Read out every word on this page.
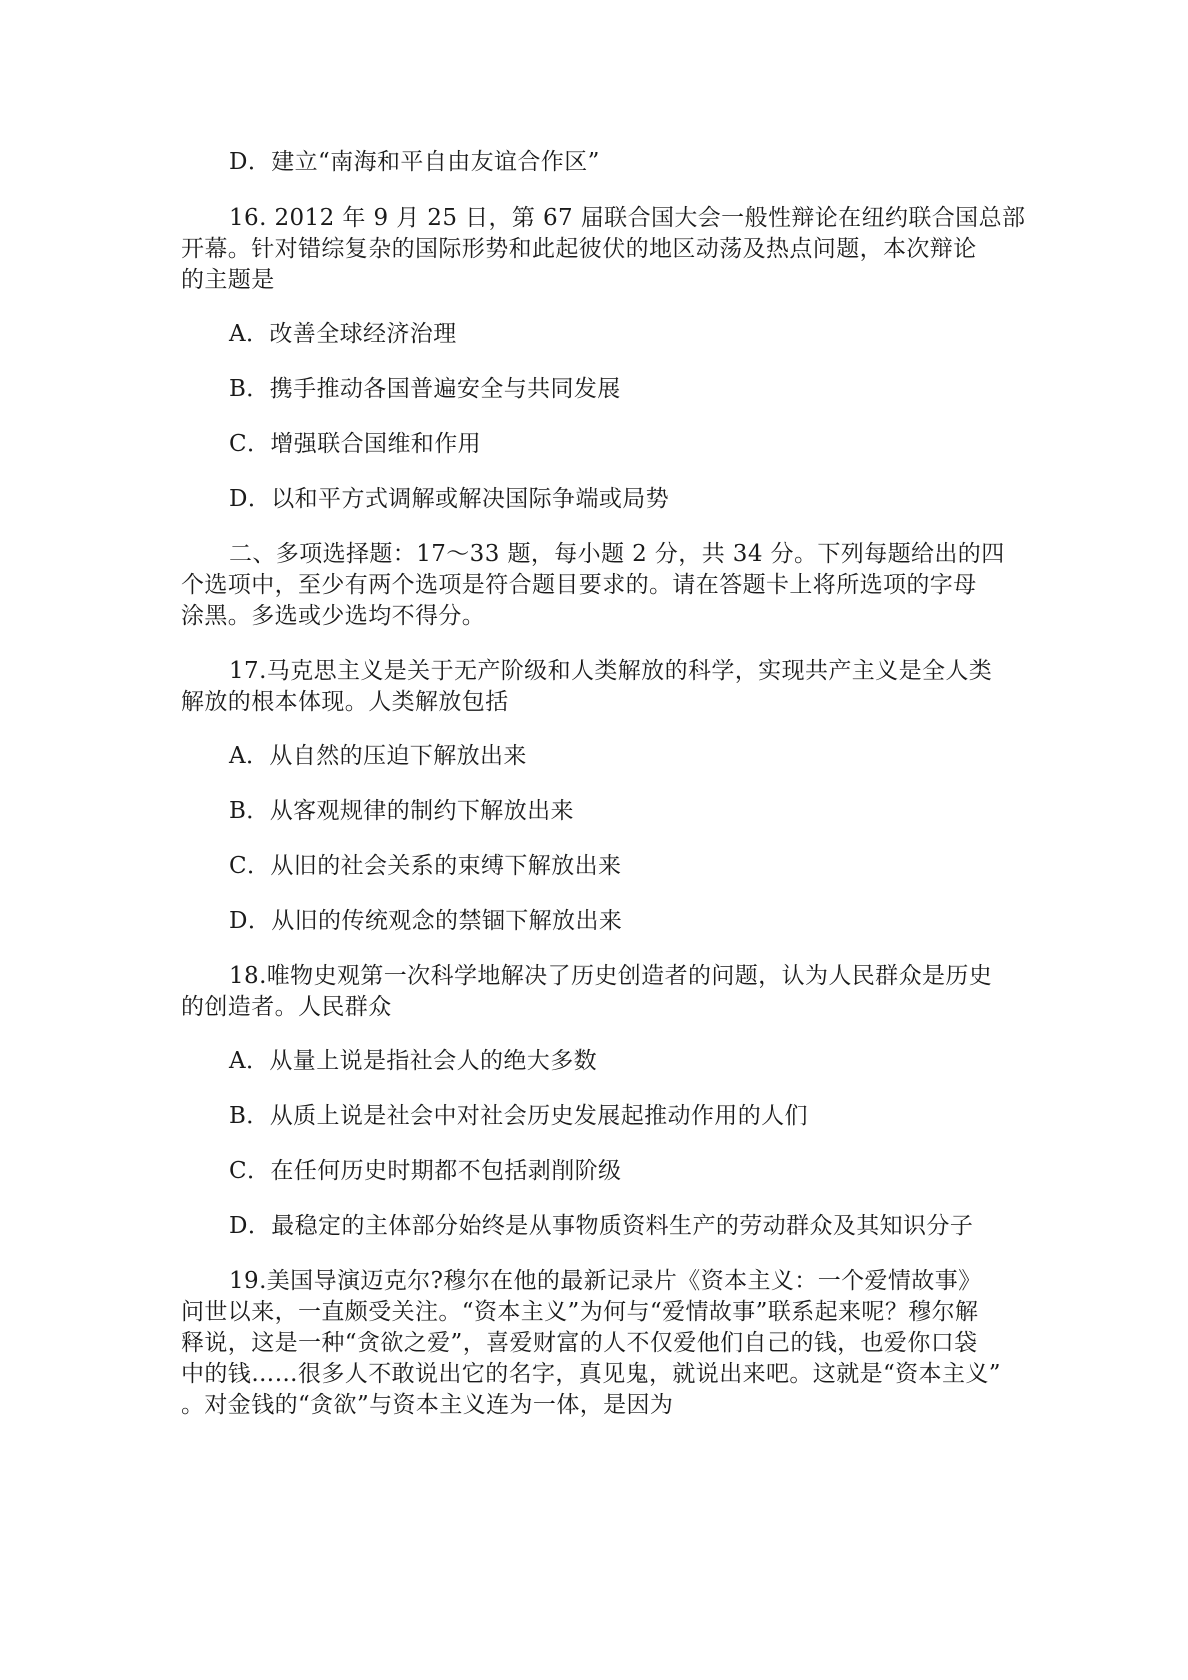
D．建立“南海和平自由友谊合作区”
16. 2012 年 9 月 25 日，第 67 届联合国大会一般性辩论在纽约联合国总部
开幕。针对错综复杂的国际形势和此起彼伏的地区动荡及热点问题，本次辩论
的主题是
A．改善全球经济治理
B．携手推动各国普遍安全与共同发展
C．增强联合国维和作用
D．以和平方式调解或解决国际争端或局势
二、多项选择题：17～33 题，每小题 2 分，共 34 分。下列每题给出的四
个选项中，至少有两个选项是符合题目要求的。请在答题卡上将所选项的字母
涂黑。多选或少选均不得分。
17.马克思主义是关于无产阶级和人类解放的科学，实现共产主义是全人类
解放的根本体现。人类解放包括
A．从自然的压迫下解放出来
B．从客观规律的制约下解放出来
C．从旧的社会关系的束缚下解放出来
D．从旧的传统观念的禁锢下解放出来
18.唯物史观第一次科学地解决了历史创造者的问题，认为人民群众是历史
的创造者。人民群众
A．从量上说是指社会人的绝大多数
B．从质上说是社会中对社会历史发展起推动作用的人们
C．在任何历史时期都不包括剥削阶级
D．最稳定的主体部分始终是从事物质资料生产的劳动群众及其知识分子
19.美国导演迈克尔?穆尔在他的最新记录片《资本主义：一个爱情故事》
问世以来，一直颇受关注。“资本主义”为何与“爱情故事”联系起来呢？穆尔解
释说，这是一种“贪欲之爱”，喜爱财富的人不仅爱他们自己的钱，也爱你口袋
中的钱……很多人不敢说出它的名字，真见鬼，就说出来吧。这就是“资本主义”
。对金钱的“贪欲”与资本主义连为一体，是因为
